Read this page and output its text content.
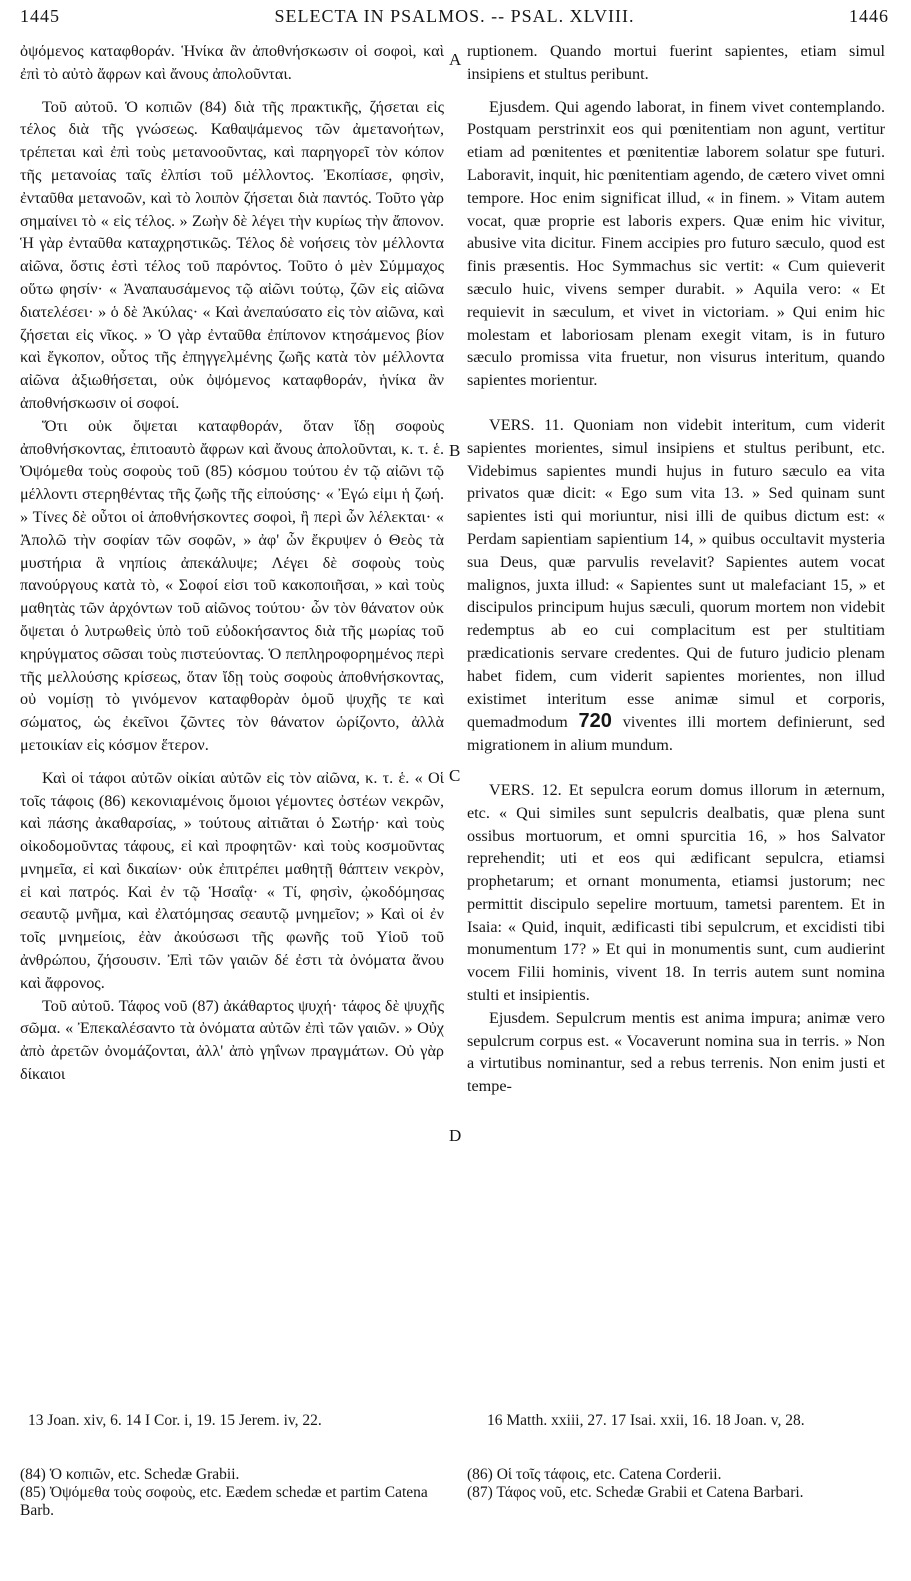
1445	SELECTA IN PSALMOS. -- PSAL. XLVIII.	1446
A
B
C
D

ὀψόμενος καταφθοράν. Ἡνίκα ἂν ἀποθνήσκωσιν οἱ σοφοὶ, καὶ ἐπὶ τὸ αὐτὸ ἄφρων καὶ ἄνους ἀπολοῦνται.

Τοῦ αὐτοῦ. Ὁ κοπιῶν (84) διὰ τῆς πρακτικῆς, ζήσεται εἰς τέλος διὰ τῆς γνώσεως. Καθαψάμενος τῶν ἀμετανοήτων, τρέπεται καὶ ἐπὶ τοὺς μετανοοῦντας, καὶ παρηγορεῖ τὸν κόπον τῆς μετανοίας ταῖς ἐλπίσι τοῦ μέλλοντος. Ἐκοπίασε, φησὶν, ἐνταῦθα μετανοῶν, καὶ τὸ λοιπὸν ζήσεται διὰ παντός. Τοῦτο γὰρ σημαίνει τὸ « εἰς τέλος. » Ζωὴν δὲ λέγει τὴν κυρίως τὴν ἄπονον. Ἡ γὰρ ἐνταῦθα καταχρηστικῶς. Τέλος δὲ νοήσεις τὸν μέλλοντα αἰῶνα, ὅστις ἐστὶ τέλος τοῦ παρόντος. Τοῦτο ὁ μὲν Σύμμαχος οὕτω φησίν· « Ἀναπαυσάμενος τῷ αἰῶνι τούτῳ, ζῶν εἰς αἰῶνα διατελέσει· » ὁ δὲ Ἀκύλας· « Καὶ ἀνεπαύσατο εἰς τὸν αἰῶνα, καὶ ζήσεται εἰς νῖκος. » Ὁ γὰρ ἐνταῦθα ἐπίπονον κτησάμενος βίον καὶ ἔγκοπον, οὗτος τῆς ἐπηγγελμένης ζωῆς κατὰ τὸν μέλλοντα αἰῶνα ἀξιωθήσεται, οὐκ ὀψόμενος καταφθοράν, ἡνίκα ἂν ἀποθνήσκωσιν οἱ σοφοί.

Ὅτι οὐκ ὄψεται καταφθοράν, ὅταν ἴδῃ σοφοὺς ἀποθνήσκοντας, ἐπιτοαυτὸ ἄφρων καὶ ἄνους ἀπολοῦνται, κ. τ. ἑ. Ὀψόμεθα τοὺς σοφοὺς τοῦ (85) κόσμου τούτου ἐν τῷ αἰῶνι τῷ μέλλοντι στερηθέντας τῆς ζωῆς τῆς εἰπούσης· « Ἐγώ εἰμι ἡ ζωή. » Τίνες δὲ οὗτοι οἱ ἀποθνήσκοντες σοφοὶ, ἢ περὶ ὧν λέλεκται· « Ἀπολῶ τὴν σοφίαν τῶν σοφῶν, » ἀφ' ὧν ἔκρυψεν ὁ Θεὸς τὰ μυστήρια ἃ νηπίοις ἀπεκάλυψε; Λέγει δὲ σοφοὺς τοὺς πανούργους κατὰ τὸ, « Σοφοί εἰσι τοῦ κακοποιῆσαι, » καὶ τοὺς μαθητὰς τῶν ἀρχόντων τοῦ αἰῶνος τούτου· ὧν τὸν θάνατον οὐκ ὄψεται ὁ λυτρωθεὶς ὑπὸ τοῦ εὐδοκήσαντος διὰ τῆς μωρίας τοῦ κηρύγματος σῶσαι τοὺς πιστεύοντας. Ὁ πεπληροφορημένος περὶ τῆς μελλούσης κρίσεως, ὅταν ἴδῃ τοὺς σοφοὺς ἀποθνήσκοντας, οὐ νομίσῃ τὸ γινόμενον καταφθορὰν ὁμοῦ ψυχῆς τε καὶ σώματος, ὡς ἐκεῖνοι ζῶντες τὸν θάνατον ὡρίζοντο, ἀλλὰ μετοικίαν εἰς κόσμον ἕτερον.

Καὶ οἱ τάφοι αὐτῶν οἰκίαι αὐτῶν εἰς τὸν αἰῶνα, κ. τ. ἑ. « Οἱ τοῖς τάφοις (86) κεκονιαμένοις ὅμοιοι γέμοντες ὀστέων νεκρῶν, καὶ πάσης ἀκαθαρσίας, » τούτους αἰτιᾶται ὁ Σωτήρ· καὶ τοὺς οἰκοδομοῦντας τάφους, εἰ καὶ προφητῶν· καὶ τοὺς κοσμοῦντας μνημεῖα, εἰ καὶ δικαίων· οὐκ ἐπιτρέπει μαθητῇ θάπτειν νεκρὸν, εἰ καὶ πατρός. Καὶ ἐν τῷ Ἡσαΐᾳ· « Τί, φησὶν, ᾠκοδόμησας σεαυτῷ μνῆμα, καὶ ἐλατόμησας σεαυτῷ μνημεῖον; » Καὶ οἱ ἐν τοῖς μνημείοις, ἐὰν ἀκούσωσι τῆς φωνῆς τοῦ Υἱοῦ τοῦ ἀνθρώπου, ζήσουσιν. Ἐπὶ τῶν γαιῶν δέ ἐστι τὰ ὀνόματα ἄνου καὶ ἄφρονος.

Τοῦ αὐτοῦ. Τάφος νοῦ (87) ἀκάθαρτος ψυχή· τάφος δὲ ψυχῆς σῶμα. « Ἐπεκαλέσαντο τὰ ὀνόματα αὐτῶν ἐπὶ τῶν γαιῶν. » Οὐχ ἀπὸ ἀρετῶν ὀνομάζονται, ἀλλ' ἀπὸ γηΐνων πραγμάτων. Οὐ γὰρ δίκαιοι

ruptionem. Quando mortui fuerint sapientes, etiam simul insipiens et stultus peribunt.

Ejusdem. Qui agendo laborat, in finem vivet contemplando. Postquam perstrinxit eos qui pœnitentiam non agunt, vertitur etiam ad pœnitentes et pœnitentiæ laborem solatur spe futuri. Laboravit, inquit, hic pœnitentiam agendo, de cætero vivet omni tempore. Hoc enim significat illud, « in finem. » Vitam autem vocat, quæ proprie est laboris expers. Quæ enim hic vivitur, abusive vita dicitur. Finem accipies pro futuro sæculo, quod est finis præsentis. Hoc Symmachus sic vertit: « Cum quieverit sæculo huic, vivens semper durabit. » Aquila vero: « Et requievit in sæculum, et vivet in victoriam. » Qui enim hic molestam et laboriosam plenam exegit vitam, is in futuro sæculo promissa vita fruetur, non visurus interitum, quando sapientes morientur.

VERS. 11. Quoniam non videbit interitum, cum viderit sapientes morientes, simul insipiens et stultus peribunt, etc. Videbimus sapientes mundi hujus in futuro sæculo ea vita privatos quæ dicit: « Ego sum vita 13. » Sed quinam sunt sapientes isti qui moriuntur, nisi illi de quibus dictum est: « Perdam sapientiam sapientium 14, » quibus occultavit mysteria sua Deus, quæ parvulis revelavit? Sapientes autem vocat malignos, juxta illud: « Sapientes sunt ut malefaciant 15, » et discipulos principum hujus sæculi, quorum mortem non videbit redemptus ab eo cui complacitum est per stultitiam prædicationis servare credentes. Qui de futuro judicio plenam habet fidem, cum viderit sapientes morientes, non illud existimet interitum esse animæ simul et corporis, quemadmodum 720 viventes illi mortem definierunt, sed migrationem in alium mundum.

VERS. 12. Et sepulcra eorum domus illorum in æternum, etc. « Qui similes sunt sepulcris dealbatis, quæ plena sunt ossibus mortuorum, et omni spurcitia 16, » hos Salvator reprehendit; uti et eos qui ædificant sepulcra, etiamsi prophetarum; et ornant monumenta, etiamsi justorum; nec permittit discipulo sepelire mortuum, tametsi parentem. Et in Isaia: « Quid, inquit, ædificasti tibi sepulcrum, et excidisti tibi monumentum 17? » Et qui in monumentis sunt, cum audierint vocem Filii hominis, vivent 18. In terris autem sunt nomina stulti et insipientis.

Ejusdem. Sepulcrum mentis est anima impura; animæ vero sepulcrum corpus est. « Vocaverunt nomina sua in terris. » Non a virtutibus nominantur, sed a rebus terrenis. Non enim justi et tempe-

13 Joan. xiv, 6. 14 I Cor. i, 19. 15 Jerem. iv, 22.	16 Matth. xxiii, 27. 17 Isai. xxii, 16. 18 Joan. v, 28.

(84) Ὁ κοπιῶν, etc. Schedæ Grabii.

(85) Ὀψόμεθα τοὺς σοφοὺς, etc. Eædem schedæ et partim Catena Barb.

(86) Οἱ τοῖς τάφοις, etc. Catena Corderii.

(87) Τάφος νοῦ, etc. Schedæ Grabii et Catena Barbari.
